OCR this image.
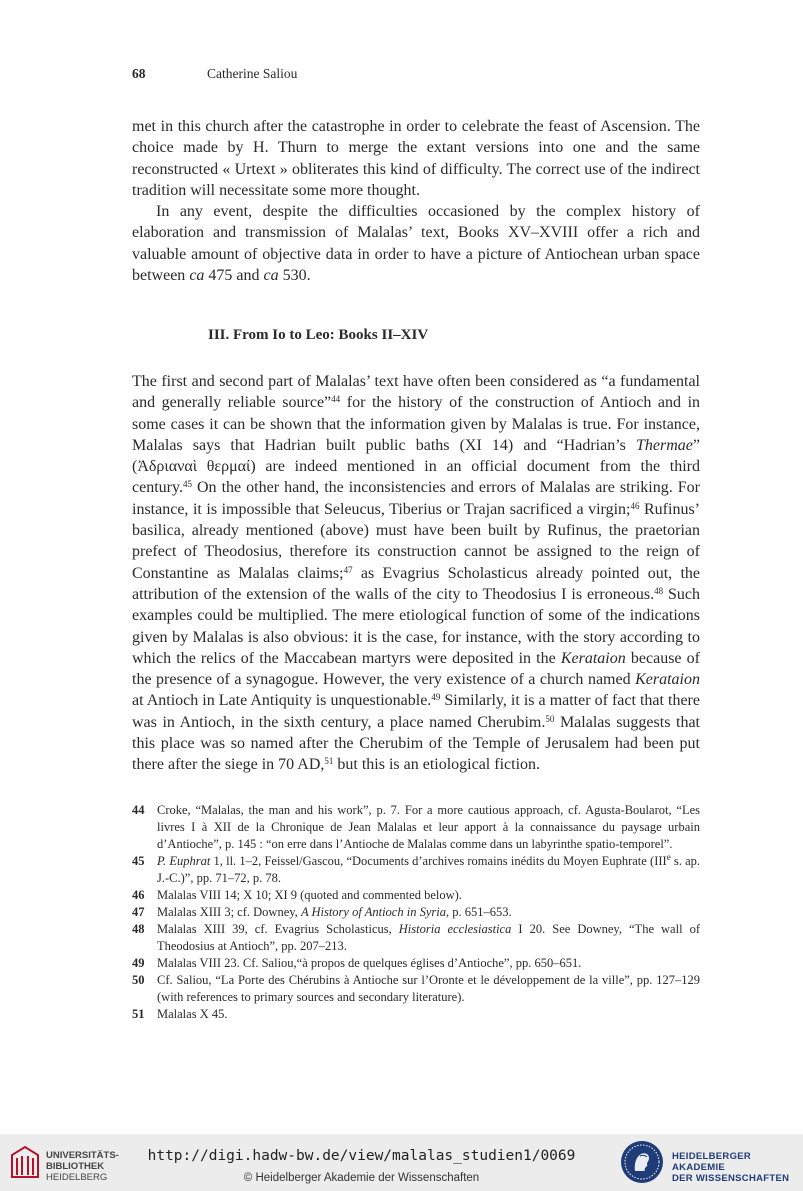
68	Catherine Saliou

met in this church after the catastrophe in order to celebrate the feast of Ascension. The choice made by H. Thurn to merge the extant versions into one and the same reconstructed « Urtext » obliterates this kind of difficulty. The correct use of the indirect tradition will necessitate some more thought.

In any event, despite the difficulties occasioned by the complex history of elaboration and transmission of Malalas’ text, Books XV–XVIII offer a rich and valuable amount of objective data in order to have a picture of Antiochean urban space between ca 475 and ca 530.

III. From Io to Leo: Books II–XIV

The first and second part of Malalas’ text have often been considered as “a fundamental and generally reliable source”$^{44}$ for the history of the construction of Antioch and in some cases it can be shown that the information given by Malalas is true. For instance, Malalas says that Hadrian built public baths (XI 14) and “Hadrian’s Thermae” (Ἀδριαναὶ θερμαί) are indeed mentioned in an official document from the third century.$^{45}$ On the other hand, the inconsistencies and errors of Malalas are striking. For instance, it is impossible that Seleucus, Tiberius or Trajan sacrificed a virgin;$^{46}$ Rufinus’ basilica, already mentioned (above) must have been built by Rufinus, the praetorian prefect of Theodosius, therefore its construction cannot be assigned to the reign of Constantine as Malalas claims;$^{47}$ as Evagrius Scholasticus already pointed out, the attribution of the extension of the walls of the city to Theodosius I is erroneous.$^{48}$ Such examples could be multiplied. The mere etiological function of some of the indications given by Malalas is also obvious: it is the case, for instance, with the story according to which the relics of the Maccabean martyrs were deposited in the Kerataion because of the presence of a synagogue. However, the very existence of a church named Kerataion at Antioch in Late Antiquity is unquestionable.$^{49}$ Similarly, it is a matter of fact that there was in Antioch, in the sixth century, a place named Cherubim.$^{50}$ Malalas suggests that this place was so named after the Cherubim of the Temple of Jerusalem had been put there after the siege in 70 AD,$^{51}$ but this is an etiological fiction.

44 Croke, “Malalas, the man and his work”, p. 7. For a more cautious approach, cf. Agusta-Boularot, “Les livres I à XII de la Chronique de Jean Malalas et leur apport à la connaissance du paysage urbain d’Antioche”, p. 145 : “on erre dans l’Antioche de Malalas comme dans un labyrinthe spatio-temporel”.
45 P. Euphrat 1, ll. 1–2, Feissel/Gascou, “Documents d’archives romains inédits du Moyen Euphrate (IIIe s. ap. J.-C.)”, pp. 71–72, p. 78.
46 Malalas VIII 14; X 10; XI 9 (quoted and commented below).
47 Malalas XIII 3; cf. Downey, A History of Antioch in Syria, p. 651–653.
48 Malalas XIII 39, cf. Evagrius Scholasticus, Historia ecclesiastica I 20. See Downey, “The wall of Theodosius at Antioch”, pp. 207–213.
49 Malalas VIII 23. Cf. Saliou,“à propos de quelques églises d’Antioche”, pp. 650–651.
50 Cf. Saliou, “La Porte des Chérubins à Antioche sur l’Oronte et le développement de la ville”, pp. 127–129 (with references to primary sources and secondary literature).
51 Malalas X 45.
UNIVERSITÄTS-
BIBLIOTHEK
HEIDELBERG
http://digi.hadw-bw.de/view/malalas_studien1/0069
© Heidelberger Akademie der Wissenschaften
HEIDELBERGER AKADEMIE
DER WISSENSCHAFTEN
